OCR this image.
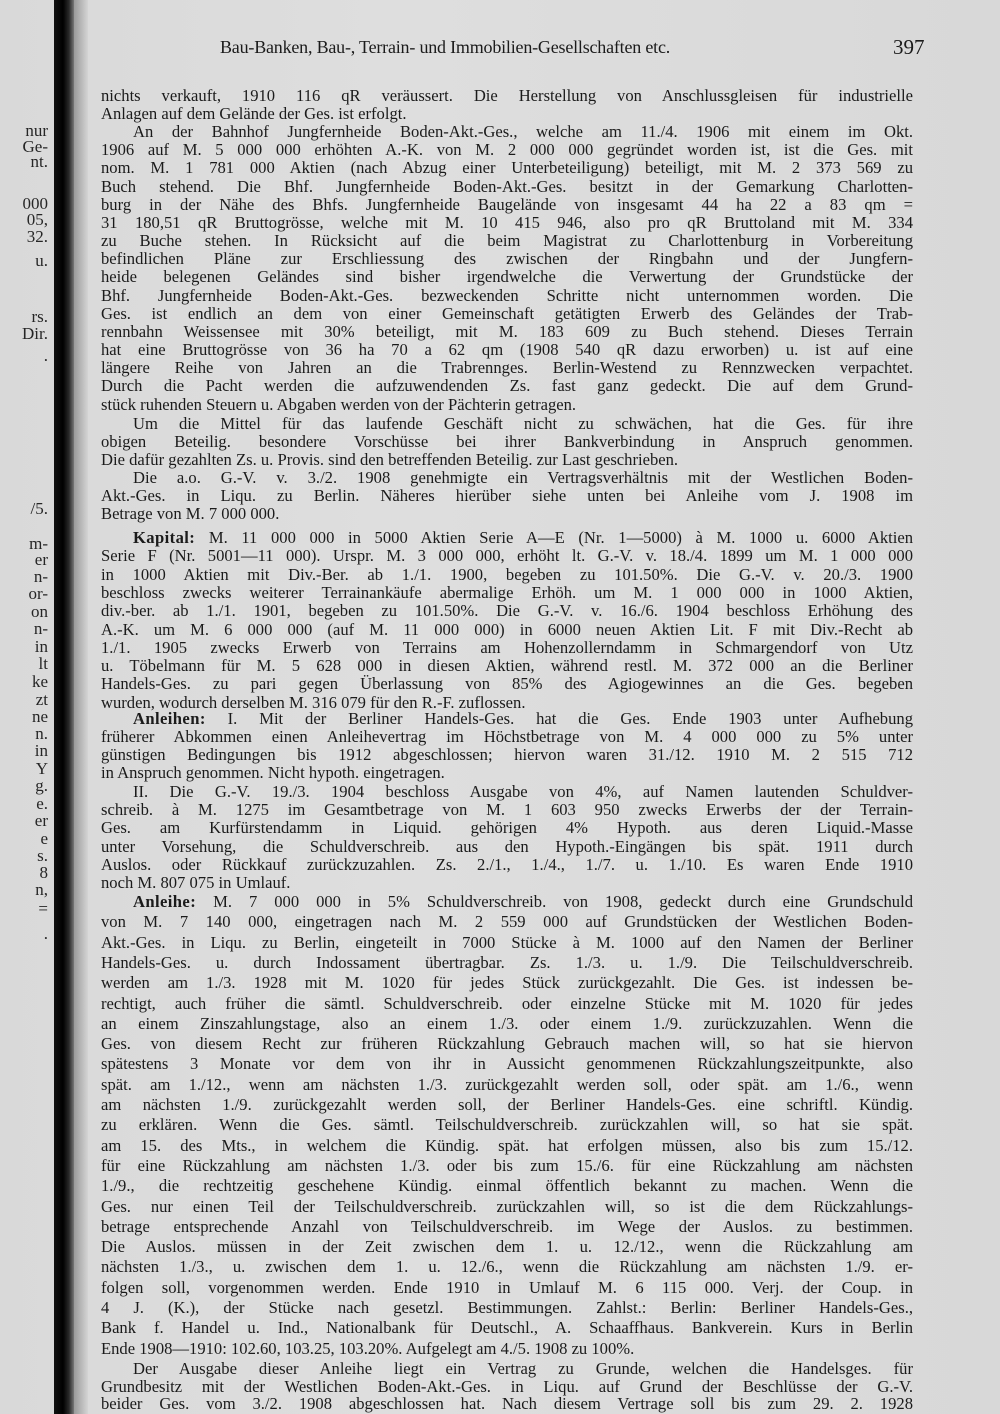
nur
Ge-
nt.
000
05,
32.
u.
rs.
Dir.
.
/5.
m-
er
n-
or-
on
n-
in
lt
ke
zt
ne
n.
in
Y
g.
e.
er
e
s.
8
n,
=
.
Bau-Banken, Bau-, Terrain- und Immobilien-Gesellschaften etc.	397
nichts verkauft, 1910 116 qR veräussert. Die Herstellung von Anschlussgleisen für industrielle
Anlagen auf dem Gelände der Ges. ist erfolgt.
An der Bahnhof Jungfernheide Boden-Akt.-Ges., welche am 11./4. 1906 mit einem im Okt.
1906 auf M. 5 000 000 erhöhten A.-K. von M. 2 000 000 gegründet worden ist, ist die Ges. mit
nom. M. 1 781 000 Aktien (nach Abzug einer Unterbeteiligung) beteiligt, mit M. 2 373 569 zu
Buch stehend. Die Bhf. Jungfernheide Boden-Akt.-Ges. besitzt in der Gemarkung Charlotten-
burg in der Nähe des Bhfs. Jungfernheide Baugelände von insgesamt 44 ha 22 a 83 qm =
31 180,51 qR Bruttogrösse, welche mit M. 10 415 946, also pro qR Bruttoland mit M. 334
zu Buche stehen. In Rücksicht auf die beim Magistrat zu Charlottenburg in Vorbereitung
befindlichen Pläne zur Erschliessung des zwischen der Ringbahn und der Jungfern-
heide belegenen Geländes sind bisher irgendwelche die Verwertung der Grundstücke der
Bhf. Jungfernheide Boden-Akt.-Ges. bezweckenden Schritte nicht unternommen worden. Die
Ges. ist endlich an dem von einer Gemeinschaft getätigten Erwerb des Geländes der Trab-
rennbahn Weissensee mit 30% beteiligt, mit M. 183 609 zu Buch stehend. Dieses Terrain
hat eine Bruttogrösse von 36 ha 70 a 62 qm (1908 540 qR dazu erworben) u. ist auf eine
längere Reihe von Jahren an die Trabrennges. Berlin-Westend zu Rennzwecken verpachtet.
Durch die Pacht werden die aufzuwendenden Zs. fast ganz gedeckt. Die auf dem Grund-
stück ruhenden Steuern u. Abgaben werden von der Pächterin getragen.
Um die Mittel für das laufende Geschäft nicht zu schwächen, hat die Ges. für ihre
obigen Beteilig. besondere Vorschüsse bei ihrer Bankverbindung in Anspruch genommen.
Die dafür gezahlten Zs. u. Provis. sind den betreffenden Beteilig. zur Last geschrieben.
Die a.o. G.-V. v. 3./2. 1908 genehmigte ein Vertragsverhältnis mit der Westlichen Boden-
Akt.-Ges. in Liqu. zu Berlin. Näheres hierüber siehe unten bei Anleihe vom J. 1908 im
Betrage von M. 7 000 000.
Kapital: M. 11 000 000 in 5000 Aktien Serie A—E (Nr. 1—5000) à M. 1000 u. 6000 Aktien
Serie F (Nr. 5001—11 000). Urspr. M. 3 000 000, erhöht lt. G.-V. v. 18./4. 1899 um M. 1 000 000
in 1000 Aktien mit Div.-Ber. ab 1./1. 1900, begeben zu 101.50%. Die G.-V. v. 20./3. 1900
beschloss zwecks weiterer Terrainankäufe abermalige Erhöh. um M. 1 000 000 in 1000 Aktien,
div.-ber. ab 1./1. 1901, begeben zu 101.50%. Die G.-V. v. 16./6. 1904 beschloss Erhöhung des
A.-K. um M. 6 000 000 (auf M. 11 000 000) in 6000 neuen Aktien Lit. F mit Div.-Recht ab
1./1. 1905 zwecks Erwerb von Terrains am Hohenzollerndamm in Schmargendorf von Utz
u. Töbelmann für M. 5 628 000 in diesen Aktien, während restl. M. 372 000 an die Berliner
Handels-Ges. zu pari gegen Überlassung von 85% des Agiogewinnes an die Ges. begeben
wurden, wodurch derselben M. 316 079 für den R.-F. zuflossen.
Anleihen: I. Mit der Berliner Handels-Ges. hat die Ges. Ende 1903 unter Aufhebung
früherer Abkommen einen Anleihevertrag im Höchstbetrage von M. 4 000 000 zu 5% unter
günstigen Bedingungen bis 1912 abgeschlossen; hiervon waren 31./12. 1910 M. 2 515 712
in Anspruch genommen. Nicht hypoth. eingetragen.
II. Die G.-V. 19./3. 1904 beschloss Ausgabe von 4%, auf Namen lautenden Schuldver-
schreib. à M. 1275 im Gesamtbetrage von M. 1 603 950 zwecks Erwerbs der der Terrain-
Ges. am Kurfürstendamm in Liquid. gehörigen 4% Hypoth. aus deren Liquid.-Masse
unter Vorsehung, die Schuldverschreib. aus den Hypoth.-Eingängen bis spät. 1911 durch
Auslos. oder Rückkauf zurückzuzahlen. Zs. 2./1., 1./4., 1./7. u. 1./10. Es waren Ende 1910
noch M. 807 075 in Umlauf.
Anleihe: M. 7 000 000 in 5% Schuldverschreib. von 1908, gedeckt durch eine Grundschuld
von M. 7 140 000, eingetragen nach M. 2 559 000 auf Grundstücken der Westlichen Boden-
Akt.-Ges. in Liqu. zu Berlin, eingeteilt in 7000 Stücke à M. 1000 auf den Namen der Berliner
Handels-Ges. u. durch Indossament übertragbar. Zs. 1./3. u. 1./9. Die Teilschuldverschreib.
werden am 1./3. 1928 mit M. 1020 für jedes Stück zurückgezahlt. Die Ges. ist indessen be-
rechtigt, auch früher die sämtl. Schuldverschreib. oder einzelne Stücke mit M. 1020 für jedes
an einem Zinszahlungstage, also an einem 1./3. oder einem 1./9. zurückzuzahlen. Wenn die
Ges. von diesem Recht zur früheren Rückzahlung Gebrauch machen will, so hat sie hiervon
spätestens 3 Monate vor dem von ihr in Aussicht genommenen Rückzahlungszeitpunkte, also
spät. am 1./12., wenn am nächsten 1./3. zurückgezahlt werden soll, oder spät. am 1./6., wenn
am nächsten 1./9. zurückgezahlt werden soll, der Berliner Handels-Ges. eine schriftl. Kündig.
zu erklären. Wenn die Ges. sämtl. Teilschuldverschreib. zurückzahlen will, so hat sie spät.
am 15. des Mts., in welchem die Kündig. spät. hat erfolgen müssen, also bis zum 15./12.
für eine Rückzahlung am nächsten 1./3. oder bis zum 15./6. für eine Rückzahlung am nächsten
1./9., die rechtzeitig geschehene Kündig. einmal öffentlich bekannt zu machen. Wenn die
Ges. nur einen Teil der Teilschuldverschreib. zurückzahlen will, so ist die dem Rückzahlungs-
betrage entsprechende Anzahl von Teilschuldverschreib. im Wege der Auslos. zu bestimmen.
Die Auslos. müssen in der Zeit zwischen dem 1. u. 12./12., wenn die Rückzahlung am
nächsten 1./3., u. zwischen dem 1. u. 12./6., wenn die Rückzahlung am nächsten 1./9. er-
folgen soll, vorgenommen werden. Ende 1910 in Umlauf M. 6 115 000. Verj. der Coup. in
4 J. (K.), der Stücke nach gesetzl. Bestimmungen. Zahlst.: Berlin: Berliner Handels-Ges.,
Bank f. Handel u. Ind., Nationalbank für Deutschl., A. Schaaffhaus. Bankverein. Kurs in Berlin
Ende 1908—1910: 102.60, 103.25, 103.20%. Aufgelegt am 4./5. 1908 zu 100%.
Der Ausgabe dieser Anleihe liegt ein Vertrag zu Grunde, welchen die Handelsges. für
Grundbesitz mit der Westlichen Boden-Akt.-Ges. in Liqu. auf Grund der Beschlüsse der G.-V.
beider Ges. vom 3./2. 1908 abgeschlossen hat. Nach diesem Vertrage soll bis zum 29. 2. 1928
